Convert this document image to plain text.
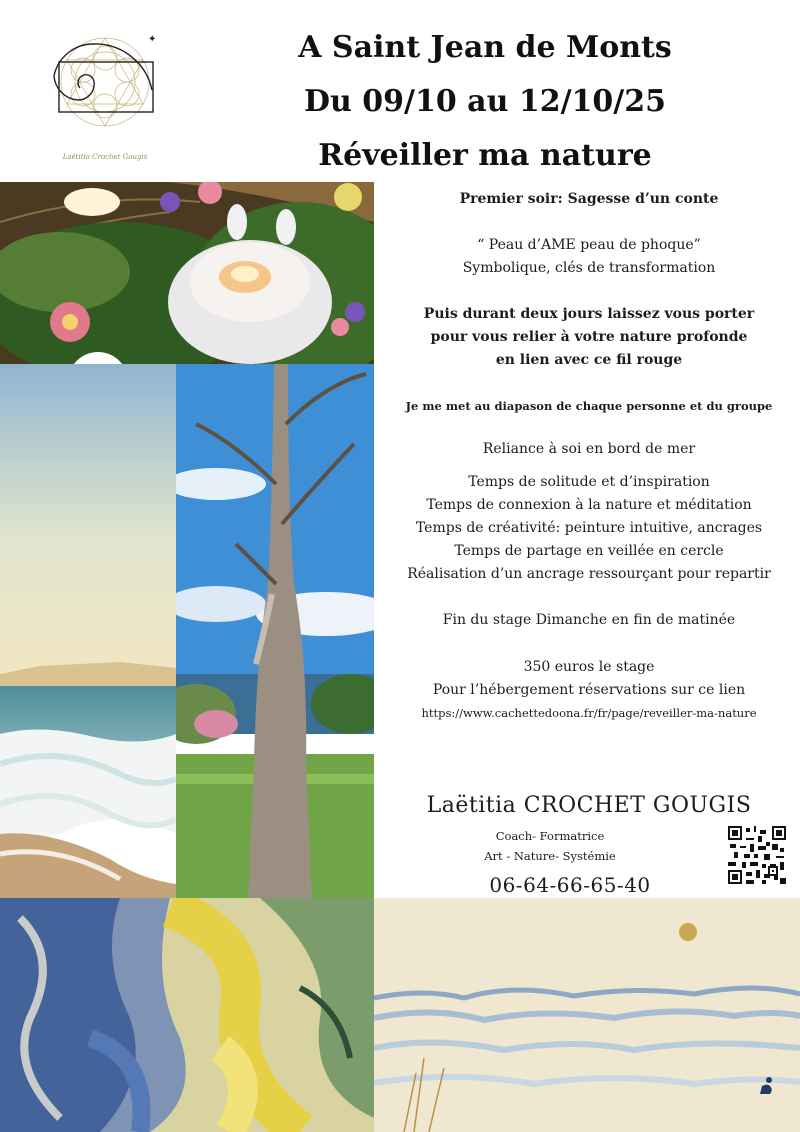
✦
Laëtitia Crochet Gougis
A Saint Jean de Monts
Du 09/10 au 12/10/25
Réveiller ma nature
Premier soir: Sagesse d’un conte
“ Peau d’AME peau de phoque”
Symbolique, clés de transformation
Puis durant deux jours laissez vous porter
pour vous relier à votre nature profonde
en lien avec ce fil rouge
Je me met au diapason de chaque personne et du groupe
Reliance à soi en bord de mer
Temps de solitude et d’inspiration
Temps de connexion à la nature et méditation
Temps de créativité: peinture intuitive, ancrages
Temps de partage en veillée en cercle
Réalisation d’un ancrage ressourçant pour repartir
Fin du stage Dimanche en fin de matinée
350 euros le stage
Pour l’hébergement réservations sur ce lien
https://www.cachettedoona.fr/fr/page/reveiller-ma-nature
Laëtitia CROCHET GOUGIS
Coach- Formatrice
Art - Nature- Systémie
06-64-66-65-40
